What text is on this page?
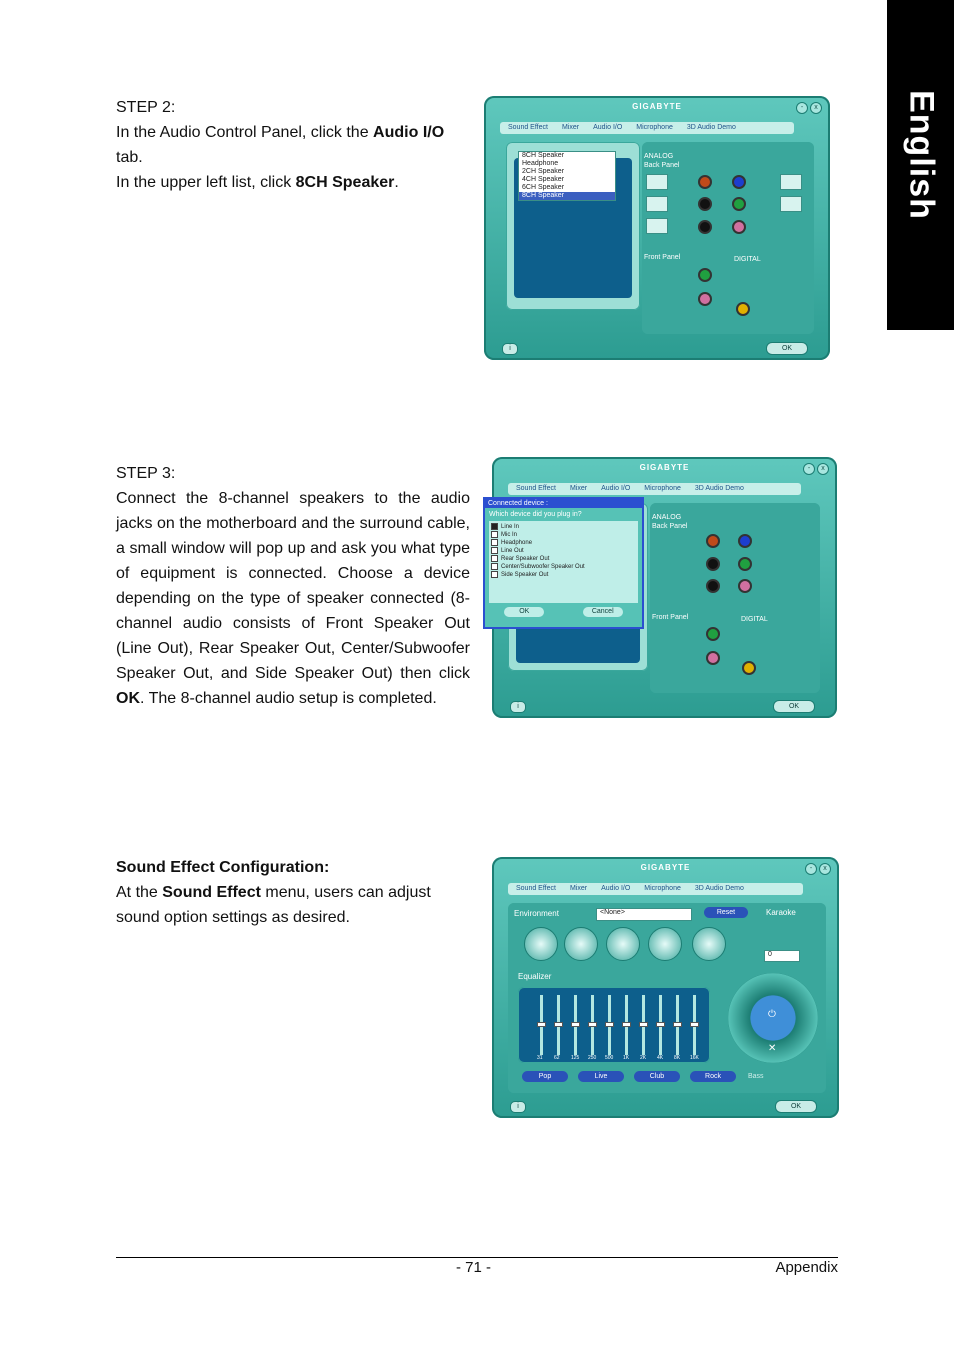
English

STEP 2:

In the Audio Control Panel, click the Audio I/O tab.

In the upper left list, click 8CH Speaker.

STEP 3:

Connect the 8-channel speakers to the audio jacks on the motherboard and the surround cable, a small window will pop up and ask you what type of equipment is connected. Choose a device depending on the type of speaker connected (8-channel audio consists of Front Speaker Out (Line Out), Rear Speaker Out, Center/Subwoofer Speaker Out, and Side Speaker Out) then click OK. The 8-channel audio setup is completed.

Sound Effect Configuration:

At the Sound Effect menu, users can adjust sound option settings as desired.

GIGABYTE	-	x
Sound Effect Mixer Audio I/O Microphone 3D Audio Demo
8CH Speaker
Headphone
2CH Speaker
4CH Speaker
6CH Speaker
8CH Speaker
ANALOG
Back Panel
Front Panel	DIGITAL
i	OK
GIGABYTE	-	x
Sound Effect Mixer Audio I/O Microphone 3D Audio Demo
ANALOG
Back Panel
Front Panel	DIGITAL
i	OK
Connected device :
Which device did you plug in?
Line In
Mic In
Headphone
Line Out
Rear Speaker Out
Center/Subwoofer Speaker Out
Side Speaker Out
OK	Cancel
GIGABYTE	-	x
Sound Effect Mixer Audio I/O Microphone 3D Audio Demo
Environment	<None>	Reset	Karaoke
0
Equalizer
31 62 125 250 500 1K 2K 4K 8K 16K
⏻
✕
Pop	Live	Club	Rock	Bass
i	OK
- 71 -	Appendix
